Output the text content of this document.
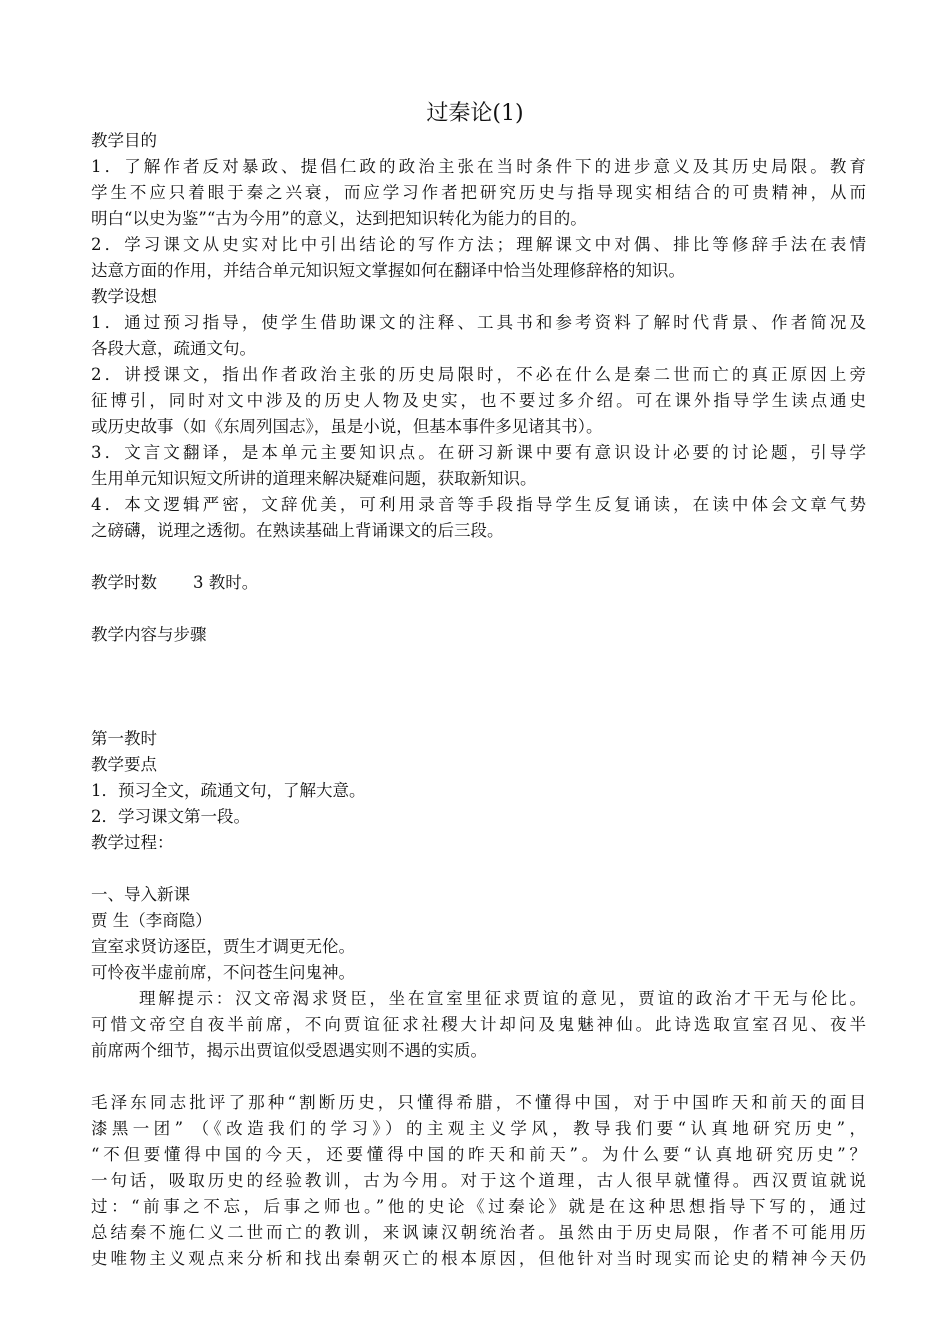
过秦论(1)
教学目的
1．了解作者反对暴政、提倡仁政的政治主张在当时条件下的进步意义及其历史局限。教育
学生不应只着眼于秦之兴衰，而应学习作者把研究历史与指导现实相结合的可贵精神，从而
明白“以史为鉴”“古为今用”的意义，达到把知识转化为能力的目的。
2．学习课文从史实对比中引出结论的写作方法；理解课文中对偶、排比等修辞手法在表情
达意方面的作用，并结合单元知识短文掌握如何在翻译中恰当处理修辞格的知识。
教学设想
1．通过预习指导，使学生借助课文的注释、工具书和参考资料了解时代背景、作者简况及
各段大意，疏通文句。
2．讲授课文，指出作者政治主张的历史局限时，不必在什么是秦二世而亡的真正原因上旁
征博引，同时对文中涉及的历史人物及史实，也不要过多介绍。可在课外指导学生读点通史
或历史故事（如《东周列国志》，虽是小说，但基本事件多见诸其书）。
3．文言文翻译，是本单元主要知识点。在研习新课中要有意识设计必要的讨论题，引导学
生用单元知识短文所讲的道理来解决疑难问题，获取新知识。
4．本文逻辑严密，文辞优美，可利用录音等手段指导学生反复诵读，在读中体会文章气势
之磅礴，说理之透彻。在熟读基础上背诵课文的后三段。
教学时数 3 教时。
教学内容与步骤
第一教时
教学要点
1．预习全文，疏通文句，了解大意。
2．学习课文第一段。
教学过程：
一、导入新课
贾 生（李商隐）
宣室求贤访逐臣，贾生才调更无伦。
可怜夜半虚前席，不问苍生问鬼神。
理解提示：汉文帝渴求贤臣，坐在宣室里征求贾谊的意见，贾谊的政治才干无与伦比。
可惜文帝空自夜半前席，不向贾谊征求社稷大计却问及鬼魅神仙。此诗选取宣室召见、夜半
前席两个细节，揭示出贾谊似受恩遇实则不遇的实质。
毛泽东同志批评了那种“割断历史，只懂得希腊，不懂得中国，对于中国昨天和前天的面目
漆黑一团” （《改造我们的学习》）的主观主义学风，教导我们要“认真地研究历史”，
“不但要懂得中国的今天，还要懂得中国的昨天和前天”。为什么要“认真地研究历史”？
一句话，吸取历史的经验教训，古为今用。对于这个道理，古人很早就懂得。西汉贾谊就说
过：“前事之不忘，后事之师也。”他的史论《过秦论》就是在这种思想指导下写的，通过
总结秦不施仁义二世而亡的教训，来讽谏汉朝统治者。虽然由于历史局限，作者不可能用历
史唯物主义观点来分析和找出秦朝灭亡的根本原因，但他针对当时现实而论史的精神今天仍
